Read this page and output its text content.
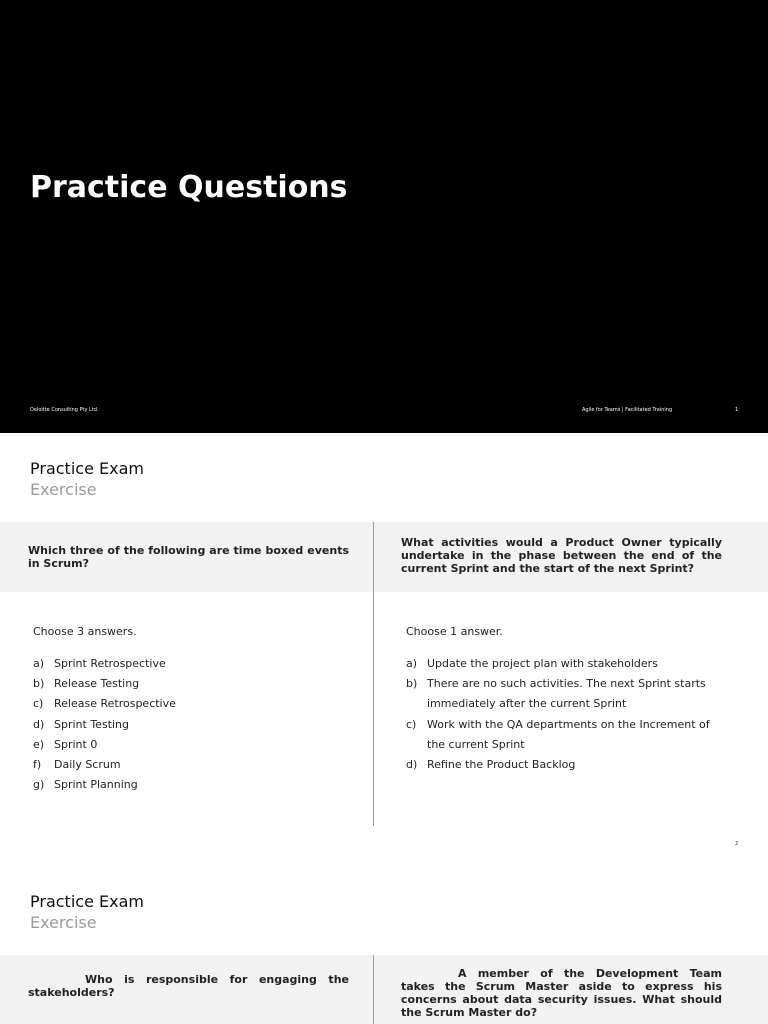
Practice Questions
Deloitte Consulting Pty Ltd.	Agile for Teams | Facilitated Training	1

Practice Exam

Exercise

Which three of the following are time boxed events in Scrum?
What activities would a Product Owner typically undertake in the phase between the end of the current Sprint and the start of the next Sprint?
Choose 3 answers.	Choose 1 answer.
a) Sprint Retrospective
b) Release Testing
c) Release Retrospective
d) Sprint Testing
e) Sprint 0
f)	Daily Scrum
g) Sprint Planning
a) Update the project plan with stakeholders
b) There are no such activities. The next Sprint starts immediately after the current Sprint
c) Work with the QA departments on the Increment of the current Sprint
d) Refine the Product Backlog
2

Practice Exam

Exercise

Who is responsible for engaging the stakeholders?
A member of the Development Team takes the Scrum Master aside to express his concerns about data security issues. What should the Scrum Master do?
